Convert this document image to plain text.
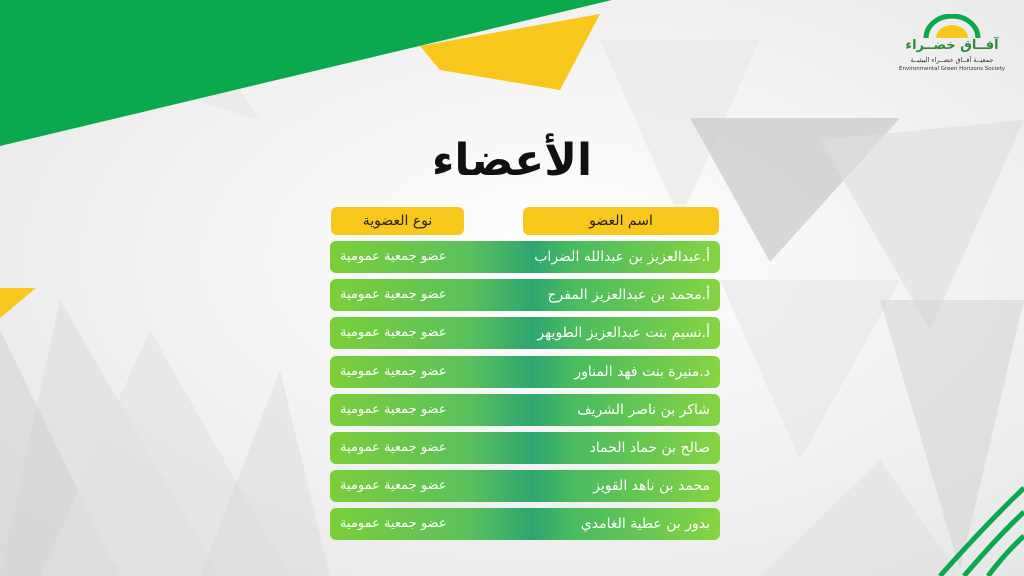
آفــاق خضــراء
جمعيــة آفــاق خضــراء البيئيــة
Environmental Green Horizons Society
الأعضاء
اسم العضو
نوع العضوية
أ.عبدالعزيز بن عبدالله الضراب
عضو جمعية عمومية
أ.محمد بن عبدالعزيز المفرج
عضو جمعية عمومية
أ.نسيم بنت عبدالعزيز الطويهر
عضو جمعية عمومية
د.منيرة بنت فهد المناور
عضو جمعية عمومية
شاكر بن ناصر الشريف
عضو جمعية عمومية
صالح بن حماد الحماد
عضو جمعية عمومية
محمد بن ناهد القويز
عضو جمعية عمومية
بدور بن عطية الغامدي
عضو جمعية عمومية
